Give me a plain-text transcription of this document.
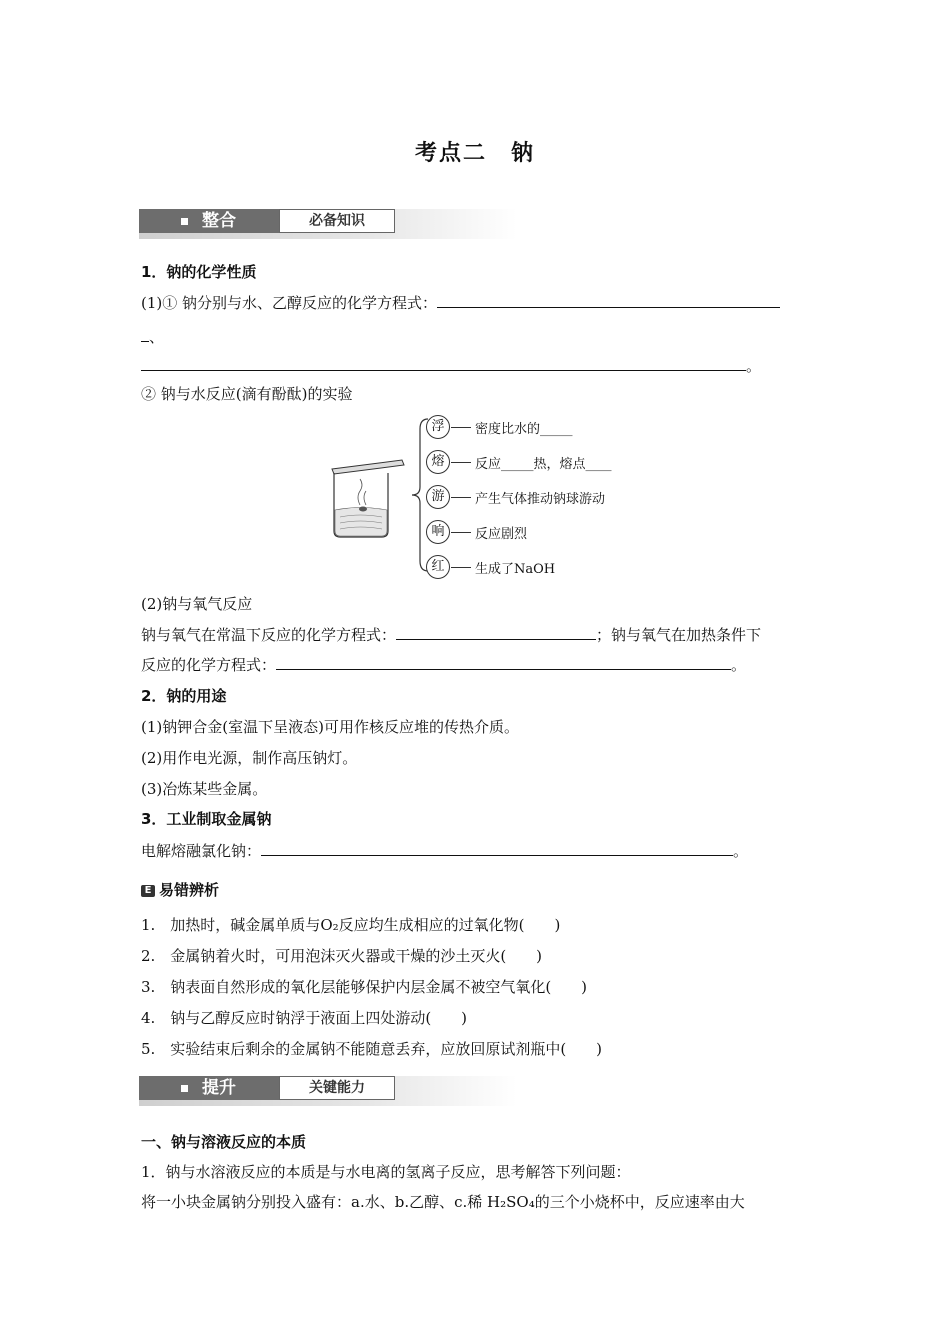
考点二　钠
整合	必备知识
1．钠的化学性质
(1)① 钠分别与水、乙醇反应的化学方程式：
、
。
② 钠与水反应(滴有酚酞)的实验
浮	密度比水的_____
熔	反应_____热，熔点____
游	产生气体推动钠球游动
响	反应剧烈
红	生成了NaOH
(2)钠与氧气反应
钠与氧气在常温下反应的化学方程式：	；钠与氧气在加热条件下
反应的化学方程式：	。
2．钠的用途
(1)钠钾合金(室温下呈液态)可用作核反应堆的传热介质。
(2)用作电光源，制作高压钠灯。
(3)冶炼某些金属。
3．工业制取金属钠
电解熔融氯化钠：	。
E 易错辨析
1.　加热时，碱金属单质与O₂反应均生成相应的过氧化物(　　)
2.　金属钠着火时，可用泡沫灭火器或干燥的沙土灭火(　　)
3.　钠表面自然形成的氧化层能够保护内层金属不被空气氧化(　　)
4.　钠与乙醇反应时钠浮于液面上四处游动(　　)
5.　实验结束后剩余的金属钠不能随意丢弃，应放回原试剂瓶中(　　)
提升	关键能力
一、钠与溶液反应的本质
1．钠与水溶液反应的本质是与水电离的氢离子反应，思考解答下列问题：
将一小块金属钠分别投入盛有：a.水、b.乙醇、c.稀 H₂SO₄的三个小烧杯中，反应速率由大
